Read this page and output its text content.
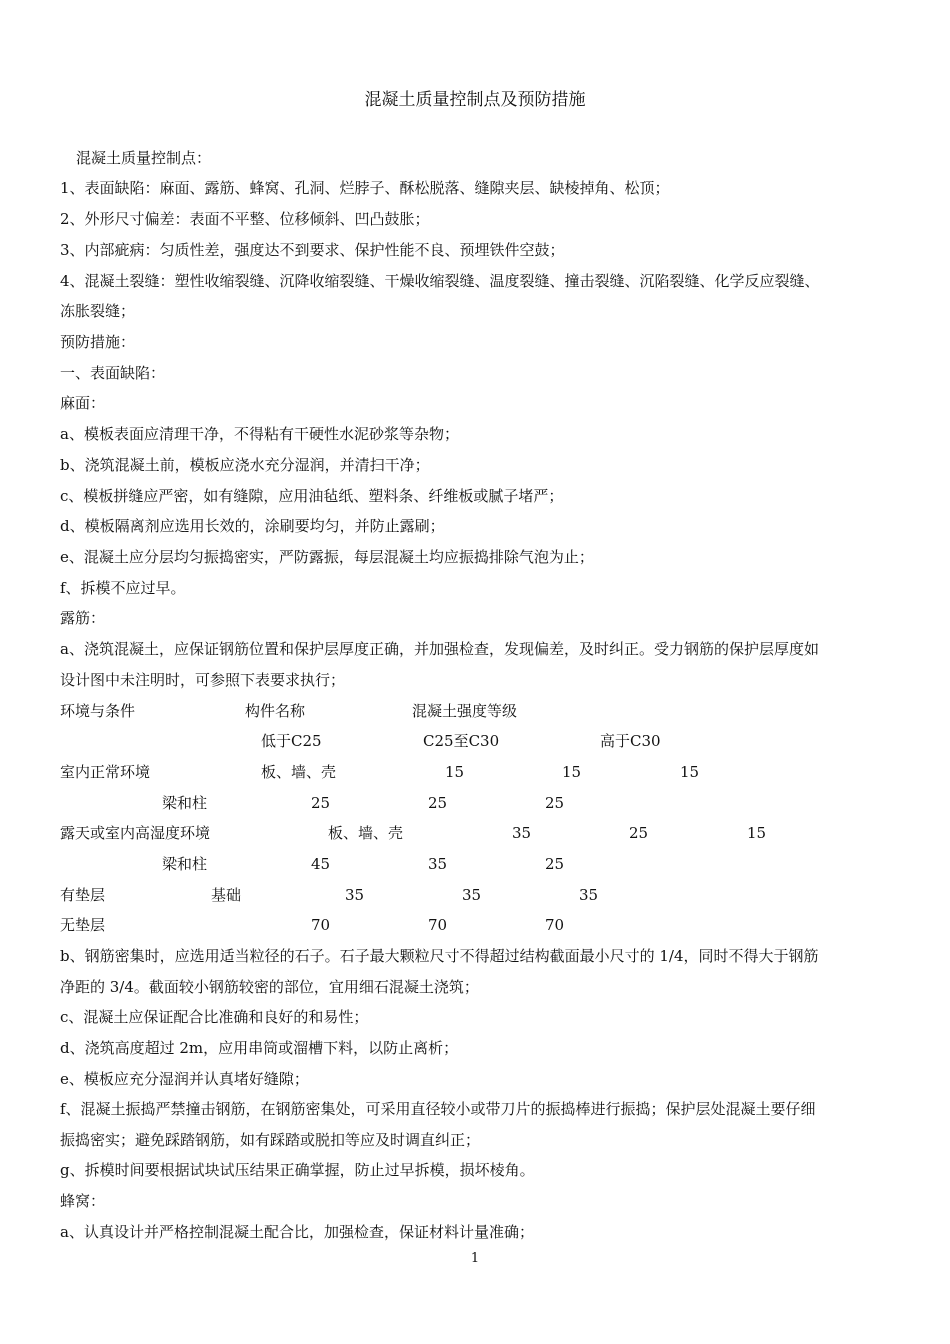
混凝土质量控制点及预防措施
混凝土质量控制点：
1、表面缺陷：麻面、露筋、蜂窝、孔洞、烂脖子、酥松脱落、缝隙夹层、缺棱掉角、松顶；
2、外形尺寸偏差：表面不平整、位移倾斜、凹凸鼓胀；
3、内部疵病：匀质性差，强度达不到要求、保护性能不良、预埋铁件空鼓；
4、混凝土裂缝：塑性收缩裂缝、沉降收缩裂缝、干燥收缩裂缝、温度裂缝、撞击裂缝、沉陷裂缝、化学反应裂缝、
冻胀裂缝；
预防措施：
一、表面缺陷：
麻面：
a、模板表面应清理干净，不得粘有干硬性水泥砂浆等杂物；
b、浇筑混凝土前，模板应浇水充分湿润，并清扫干净；
c、模板拼缝应严密，如有缝隙，应用油毡纸、塑料条、纤维板或腻子堵严；
d、模板隔离剂应选用长效的，涂刷要均匀，并防止露刷；
e、混凝土应分层均匀振捣密实，严防露振，每层混凝土均应振捣排除气泡为止；
f、拆模不应过早。
露筋：
a、浇筑混凝土，应保证钢筋位置和保护层厚度正确，并加强检查，发现偏差，及时纠正。受力钢筋的保护层厚度如
设计图中未注明时，可参照下表要求执行；
环境与条件	构件名称	混凝土强度等级
低于C25	C25至C30	高于C30
室内正常环境	板、墙、壳	15	15	15
梁和柱	25	25	25
露天或室内高湿度环境	板、墙、壳	35	25	15
梁和柱	45	35	25
有垫层	基础	35	35	35
无垫层	70	70	70
b、钢筋密集时，应选用适当粒径的石子。石子最大颗粒尺寸不得超过结构截面最小尺寸的 1/4，同时不得大于钢筋
净距的 3/4。截面较小钢筋较密的部位，宜用细石混凝土浇筑；
c、混凝土应保证配合比准确和良好的和易性；
d、浇筑高度超过 2m，应用串筒或溜槽下料，以防止离析；
e、模板应充分湿润并认真堵好缝隙；
f、混凝土振捣严禁撞击钢筋，在钢筋密集处，可采用直径较小或带刀片的振捣棒进行振捣；保护层处混凝土要仔细
振捣密实；避免踩踏钢筋，如有踩踏或脱扣等应及时调直纠正；
g、拆模时间要根据试块试压结果正确掌握，防止过早拆模，损坏棱角。
蜂窝：
a、认真设计并严格控制混凝土配合比，加强检查，保证材料计量准确；
1
